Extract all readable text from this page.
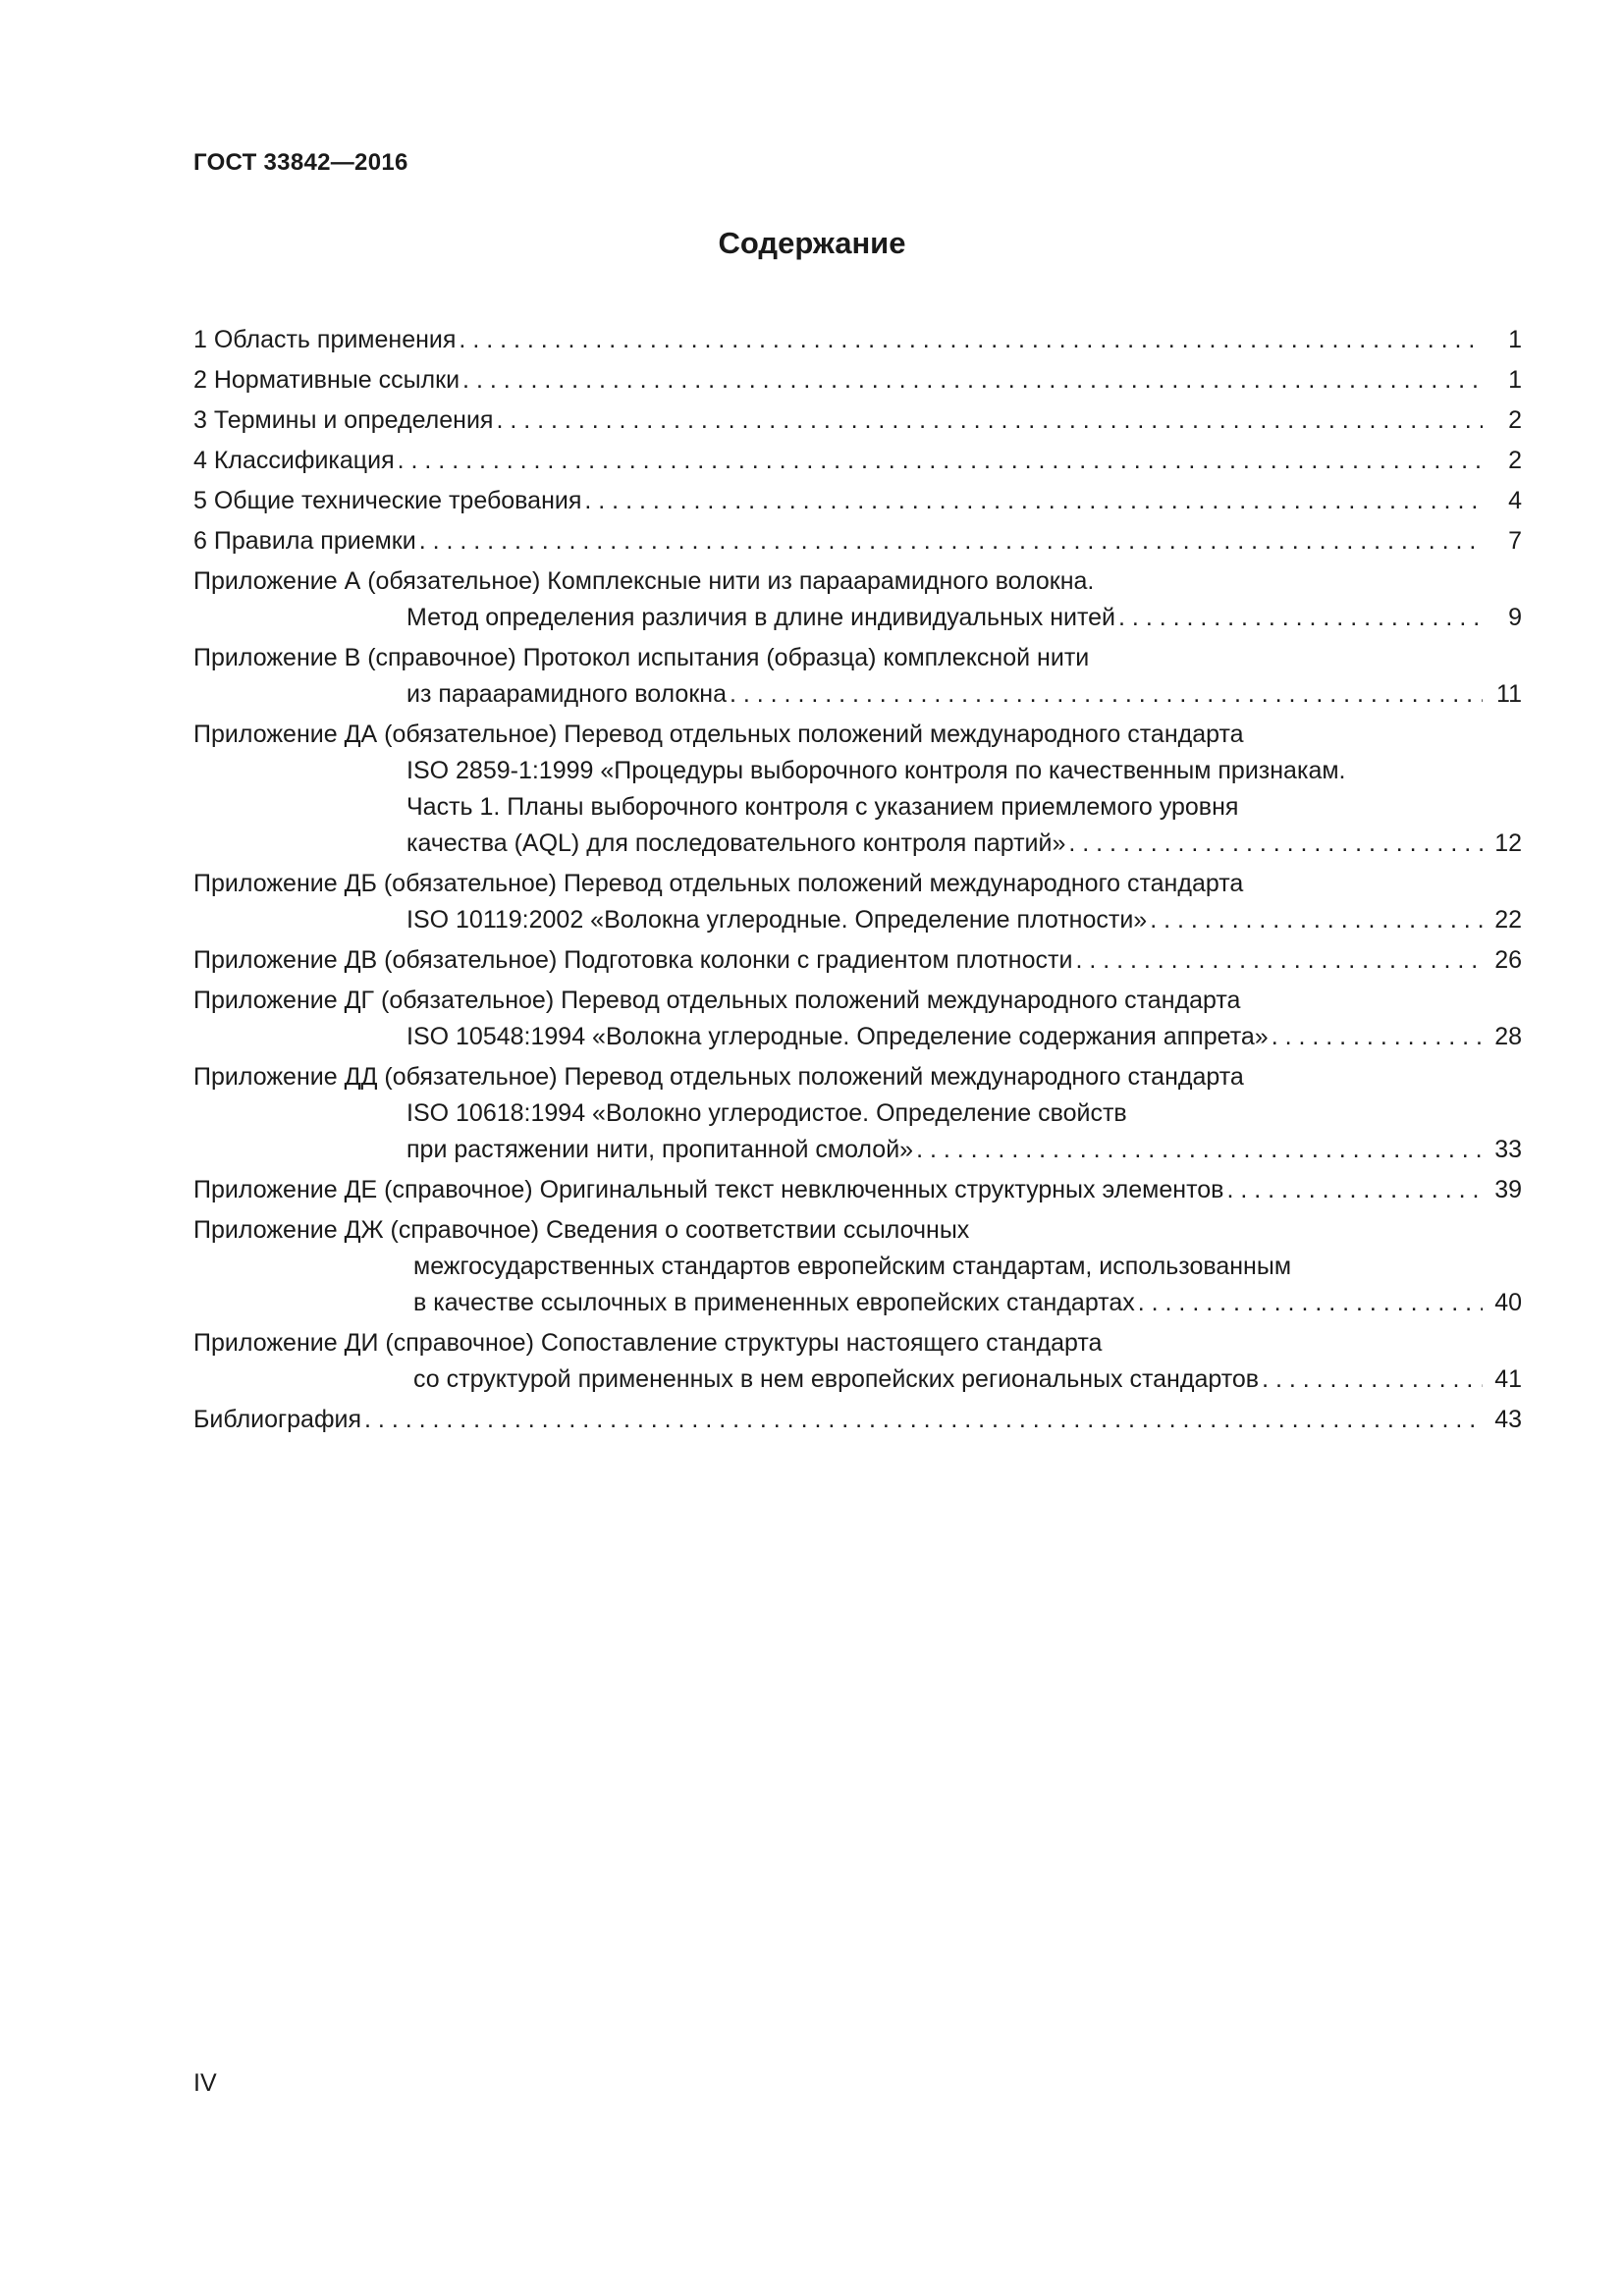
ГОСТ 33842—2016
Содержание
1 Область применения . . .	1
2 Нормативные ссылки . . .	1
3 Термины и определения . . .	2
4 Классификация . . .	2
5 Общие технические требования . . .	4
6 Правила приемки . . .	7
Приложение А (обязательное) Комплексные нити из параарамидного волокна.
Метод определения различия в длине индивидуальных нитей . . .	9
Приложение В (справочное) Протокол испытания (образца) комплексной нити
из параарамидного волокна . . .	11
Приложение ДА (обязательное) Перевод отдельных положений международного стандарта
ISO 2859-1:1999 «Процедуры выборочного контроля по качественным признакам.
Часть 1. Планы выборочного контроля с указанием приемлемого уровня
качества (AQL) для последовательного контроля партий» . . .	12
Приложение ДБ (обязательное) Перевод отдельных положений международного стандарта
ISO 10119:2002 «Волокна углеродные. Определение плотности» . . .	22
Приложение ДВ (обязательное) Подготовка колонки с градиентом плотности . . .	26
Приложение ДГ (обязательное) Перевод отдельных положений международного стандарта
ISO 10548:1994 «Волокна углеродные. Определение содержания аппрета» . . .	28
Приложение ДД (обязательное) Перевод отдельных положений международного стандарта
ISO 10618:1994 «Волокно углеродистое. Определение свойств
при растяжении нити, пропитанной смолой» . . .	33
Приложение ДЕ (справочное) Оригинальный текст невключенных структурных элементов . . .	39
Приложение ДЖ (справочное) Сведения о соответствии ссылочных
межгосударственных стандартов европейским стандартам, использованным
в качестве ссылочных в примененных европейских стандартах . . .	40
Приложение ДИ (справочное) Сопоставление структуры настоящего стандарта
со структурой примененных в нем европейских региональных стандартов . . .	41
Библиография . . .	43
IV
